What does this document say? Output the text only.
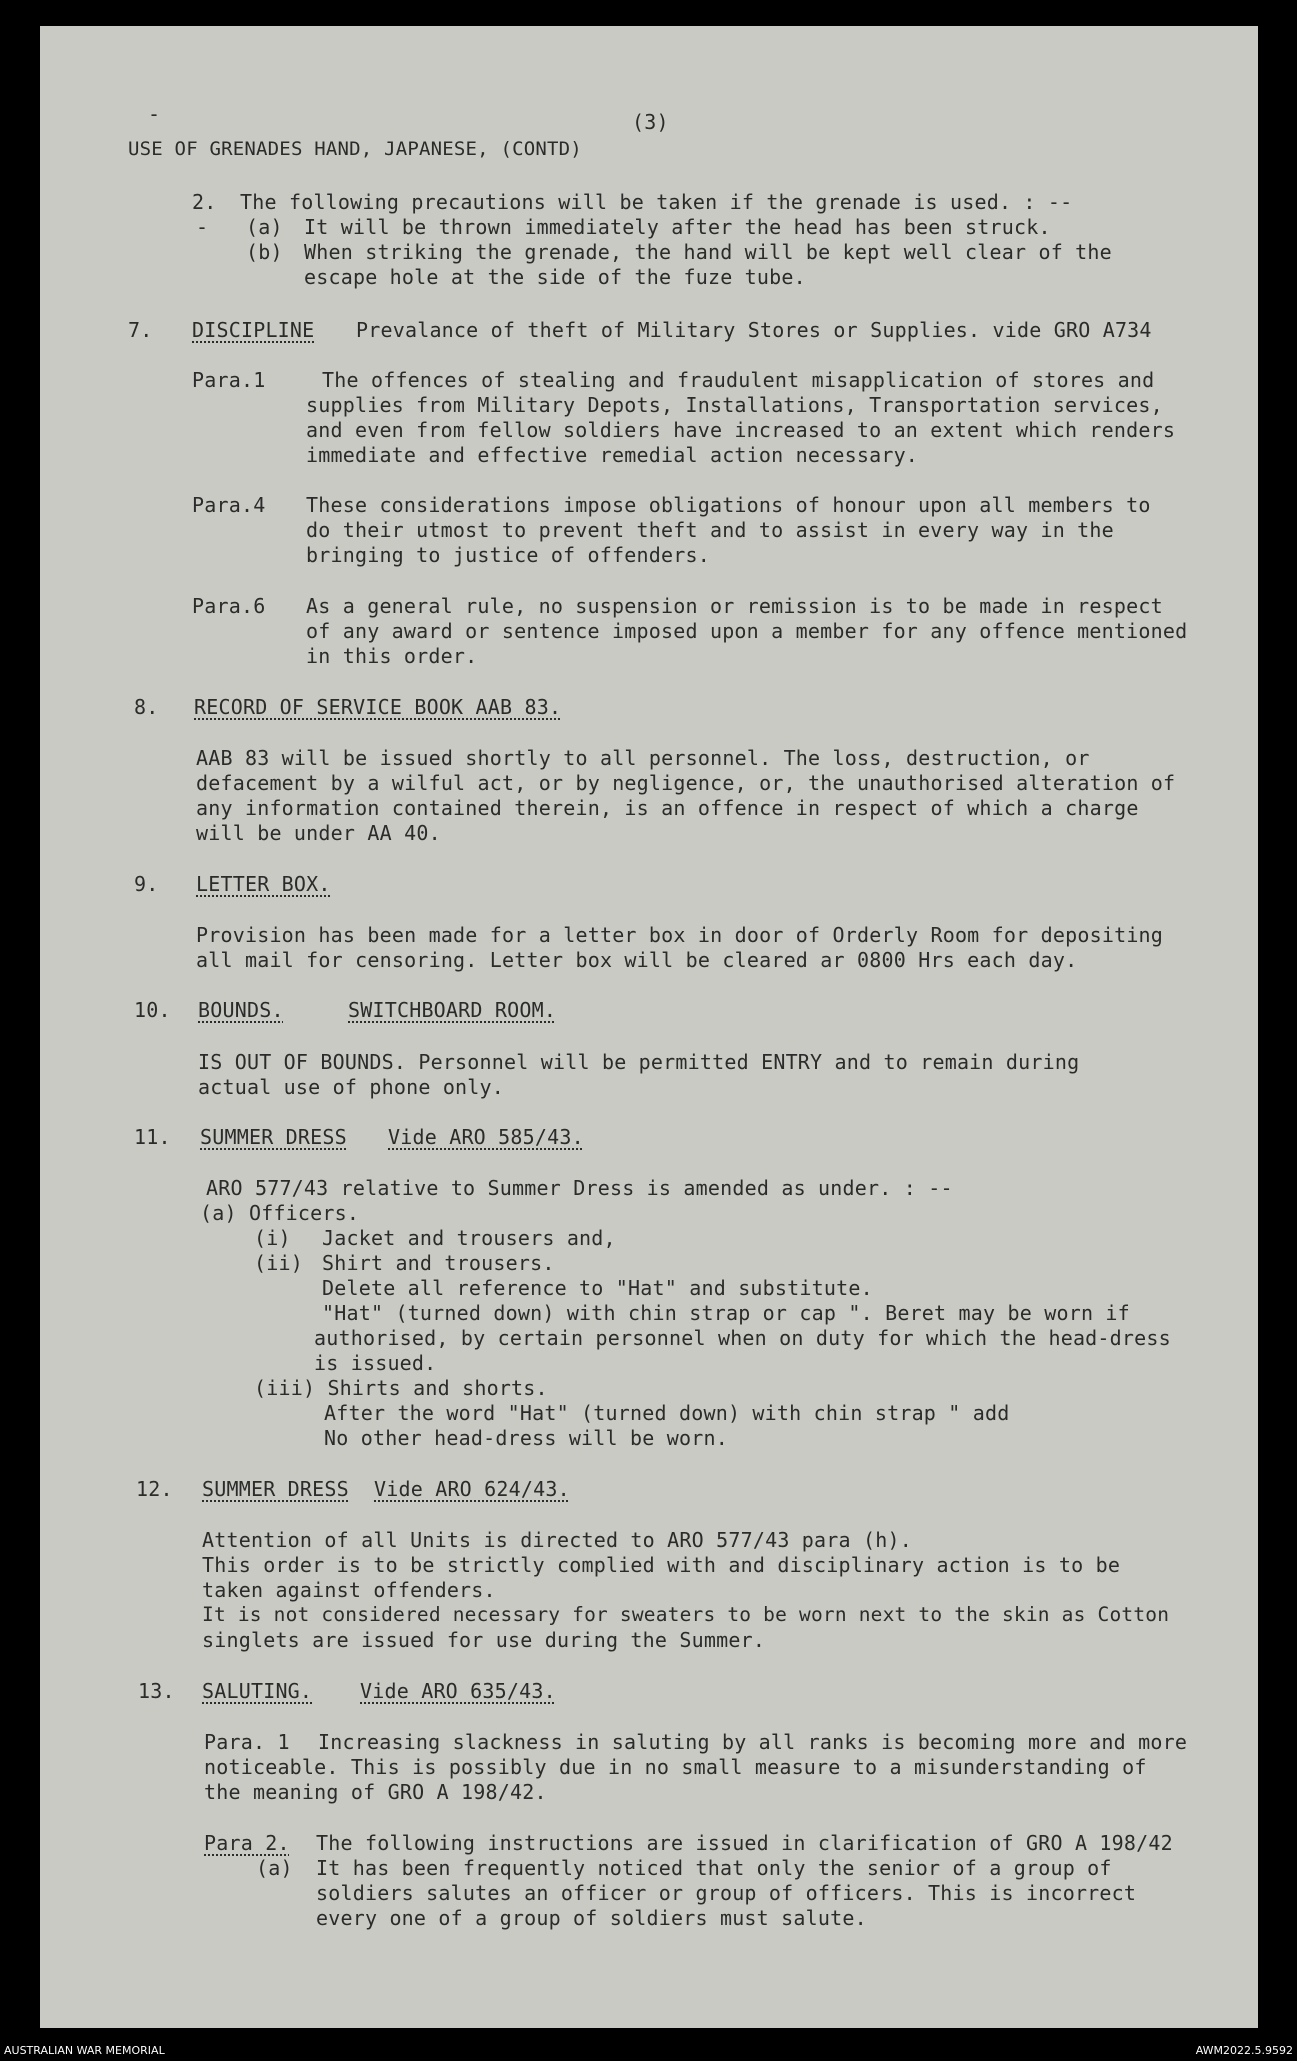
-	(3)
USE OF GRENADES HAND, JAPANESE, (CONTD)
2. The following precautions will be taken if the grenade is used. : --
- (a) It will be thrown immediately after the head has been struck.
(b) When striking the grenade, the hand will be kept well clear of the
escape hole at the side of the fuze tube.
7. DISCIPLINE Prevalance of theft of Military Stores or Supplies. vide GRO A734
Para.1	The offences of stealing and fraudulent misapplication of stores and
supplies from Military Depots, Installations, Transportation services,
and even from fellow soldiers have increased to an extent which renders
immediate and effective remedial action necessary.
Para.4 These considerations impose obligations of honour upon all members to
do their utmost to prevent theft and to assist in every way in the
bringing to justice of offenders.
Para.6 As a general rule, no suspension or remission is to be made in respect
of any award or sentence imposed upon a member for any offence mentioned
in this order.
8. RECORD OF SERVICE BOOK AAB 83.
AAB 83 will be issued shortly to all personnel. The loss, destruction, or
defacement by a wilful act, or by negligence, or, the unauthorised alteration of
any information contained therein, is an offence in respect of which a charge
will be under AA 40.
9. LETTER BOX.
Provision has been made for a letter box in door of Orderly Room for depositing
all mail for censoring. Letter box will be cleared ar 0800 Hrs each day.
10. BOUNDS.	SWITCHBOARD ROOM.
IS OUT OF BOUNDS. Personnel will be permitted ENTRY and to remain during
actual use of phone only.
11. SUMMER DRESS Vide ARO 585/43.
ARO 577/43 relative to Summer Dress is amended as under. : --
(a) Officers.
(i) Jacket and trousers and,
(ii) Shirt and trousers.
Delete all reference to "Hat" and substitute.
"Hat" (turned down) with chin strap or cap ". Beret may be worn if
authorised, by certain personnel when on duty for which the head-dress
is issued.
(iii) Shirts and shorts.
After the word "Hat" (turned down) with chin strap " add
No other head-dress will be worn.
12. SUMMER DRESS Vide ARO 624/43.
Attention of all Units is directed to ARO 577/43 para (h).
This order is to be strictly complied with and disciplinary action is to be
taken against offenders.
It is not considered necessary for sweaters to be worn next to the skin as Cotton
singlets are issued for use during the Summer.
13. SALUTING. Vide ARO 635/43.
Para. 1 Increasing slackness in saluting by all ranks is becoming more and more
noticeable. This is possibly due in no small measure to a misunderstanding of
the meaning of GRO A 198/42.
Para 2. The following instructions are issued in clarification of GRO A 198/42
(a) It has been frequently noticed that only the senior of a group of
soldiers salutes an officer or group of officers. This is incorrect
every one of a group of soldiers must salute.
AUSTRALIAN WAR MEMORIAL	AWM2022.5.9592
